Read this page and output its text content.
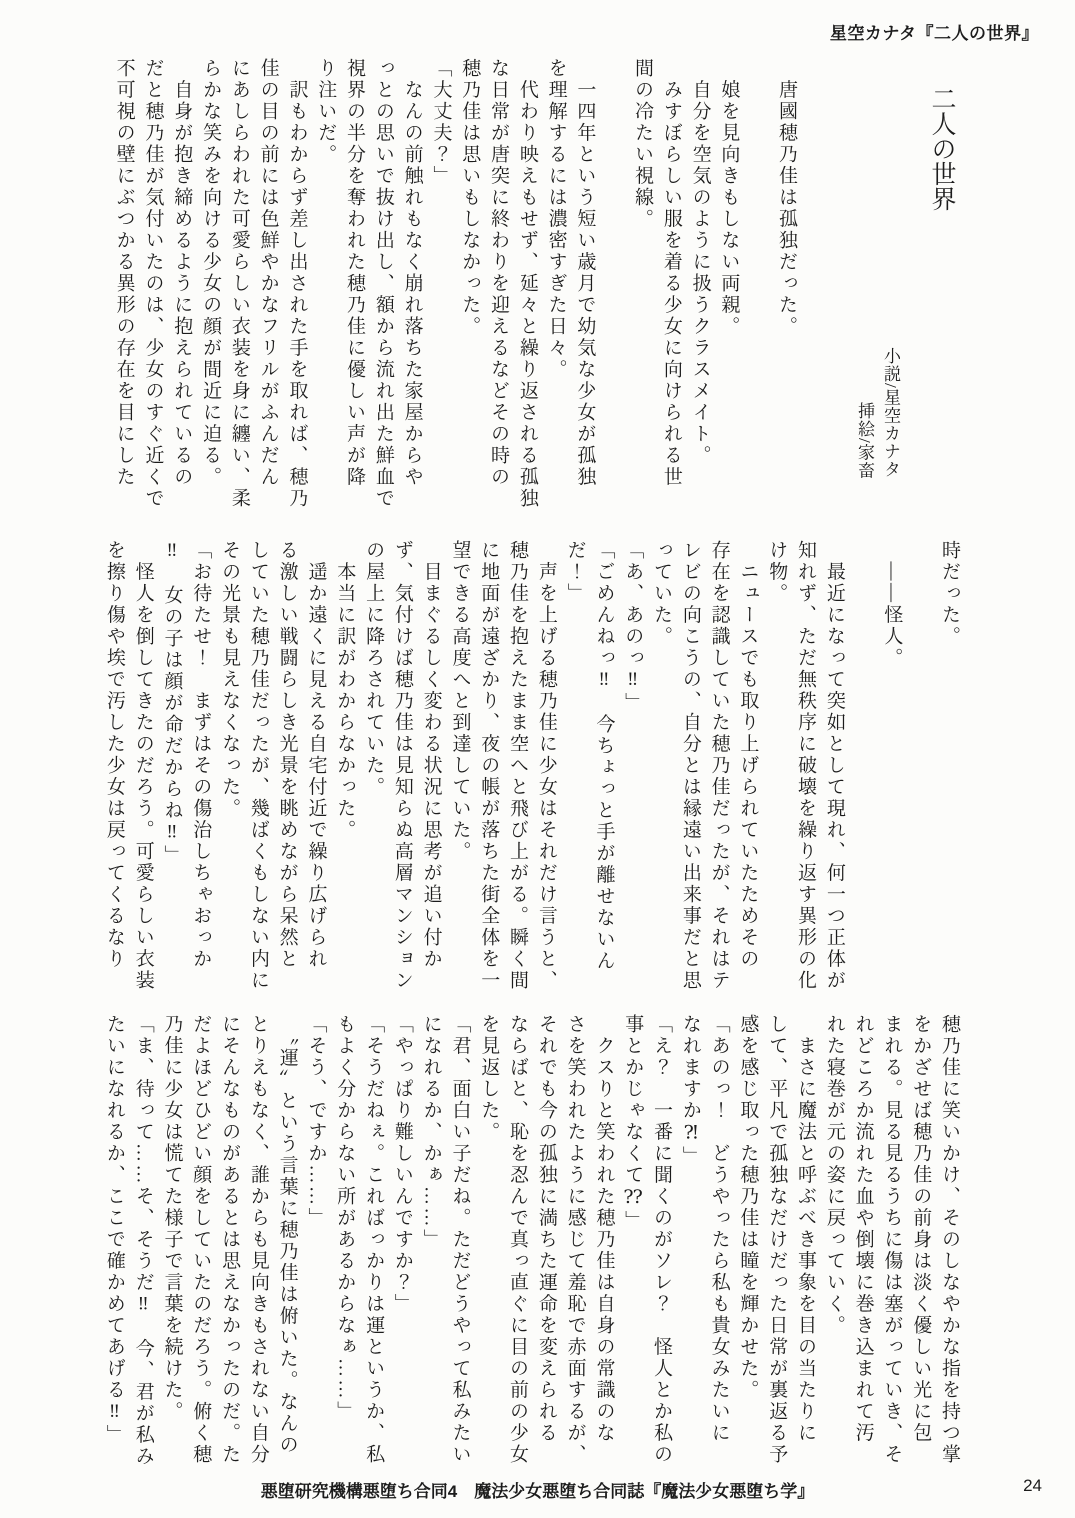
星空カナタ『二人の世界』
二人の世界
小説/星空カナタ
挿絵/家畜
　唐國穂乃佳は孤独だった。

　娘を見向きもしない両親。
　自分を空気のように扱うクラスメイト。
　みすぼらしい服を着る少女に向けられる世
間の冷たい視線。

　一四年という短い歳月で幼気な少女が孤独
を理解するには濃密すぎた日々。
　代わり映えもせず、延々と繰り返される孤独
な日常が唐突に終わりを迎えるなどその時の
穂乃佳は思いもしなかった。
「大丈夫？」
　なんの前触れもなく崩れ落ちた家屋からや
っとの思いで抜け出し、額から流れ出た鮮血で
視界の半分を奪われた穂乃佳に優しい声が降
り注いだ。
　訳もわからず差し出された手を取れば、穂乃
佳の目の前には色鮮やかなフリルがふんだん
にあしらわれた可愛らしい衣装を身に纏い、柔
らかな笑みを向ける少女の顔が間近に迫る。
　自身が抱き締めるように抱えられているの
だと穂乃佳が気付いたのは、少女のすぐ近くで
不可視の壁にぶつかる異形の存在を目にした
時だった。

　――怪人。

　最近になって突如として現れ、何一つ正体が
知れず、ただ無秩序に破壊を繰り返す異形の化
け物。
　ニュースでも取り上げられていたためその
存在を認識していた穂乃佳だったが、それはテ
レビの向こうの、自分とは縁遠い出来事だと思
っていた。
「あ、あのっ‼」
「ごめんねっ‼　今ちょっと手が離せないん
だ！」
　声を上げる穂乃佳に少女はそれだけ言うと、
穂乃佳を抱えたまま空へと飛び上がる。瞬く間
に地面が遠ざかり、夜の帳が落ちた街全体を一
望できる高度へと到達していた。
　目まぐるしく変わる状況に思考が追い付か
ず、気付けば穂乃佳は見知らぬ高層マンション
の屋上に降ろされていた。
　本当に訳がわからなかった。
　遥か遠くに見える自宅付近で繰り広げられ
る激しい戦闘らしき光景を眺めながら呆然と
していた穂乃佳だったが、幾ばくもしない内に
その光景も見えなくなった。
「お待たせ！　まずはその傷治しちゃおっか
‼　女の子は顔が命だからね‼」
　怪人を倒してきたのだろう。可愛らしい衣装
を擦り傷や埃で汚した少女は戻ってくるなり
穂乃佳に笑いかけ、そのしなやかな指を持つ掌
をかざせば穂乃佳の前身は淡く優しい光に包
まれる。見る見るうちに傷は塞がっていき、そ
れどころか流れた血や倒壊に巻き込まれて汚
れた寝巻が元の姿に戻っていく。
　まさに魔法と呼ぶべき事象を目の当たりに
して、平凡で孤独なだけだった日常が裏返る予
感を感じ取った穂乃佳は瞳を輝かせた。
「あのっ！　どうやったら私も貴女みたいに
なれますか⁈」
「え？　一番に聞くのがソレ？　怪人とか私の
事とかじゃなくて⁇」
　クスりと笑われた穂乃佳は自身の常識のな
さを笑われたように感じて羞恥で赤面するが、
それでも今の孤独に満ちた運命を変えられる
ならばと、恥を忍んで真っ直ぐに目の前の少女
を見返した。
「君、面白い子だね。ただどうやって私みたい
になれるか、かぁ……」
「やっぱり難しいんですか？」
「そうだねぇ。こればっかりは運というか、私
もよく分からない所があるからなぁ……」
「そう、ですか……」
　〝運〟という言葉に穂乃佳は俯いた。なんの
とりえもなく、誰からも見向きもされない自分
にそんなものがあるとは思えなかったのだ。た
だよほどひどい顔をしていたのだろう。俯く穂
乃佳に少女は慌てた様子で言葉を続けた。
「ま、待って……そ、そうだ‼　今、君が私み
たいになれるか、ここで確かめてあげる‼」
悪堕研究機構悪堕ち合同4　魔法少女悪堕ち合同誌『魔法少女悪堕ち学』	24
